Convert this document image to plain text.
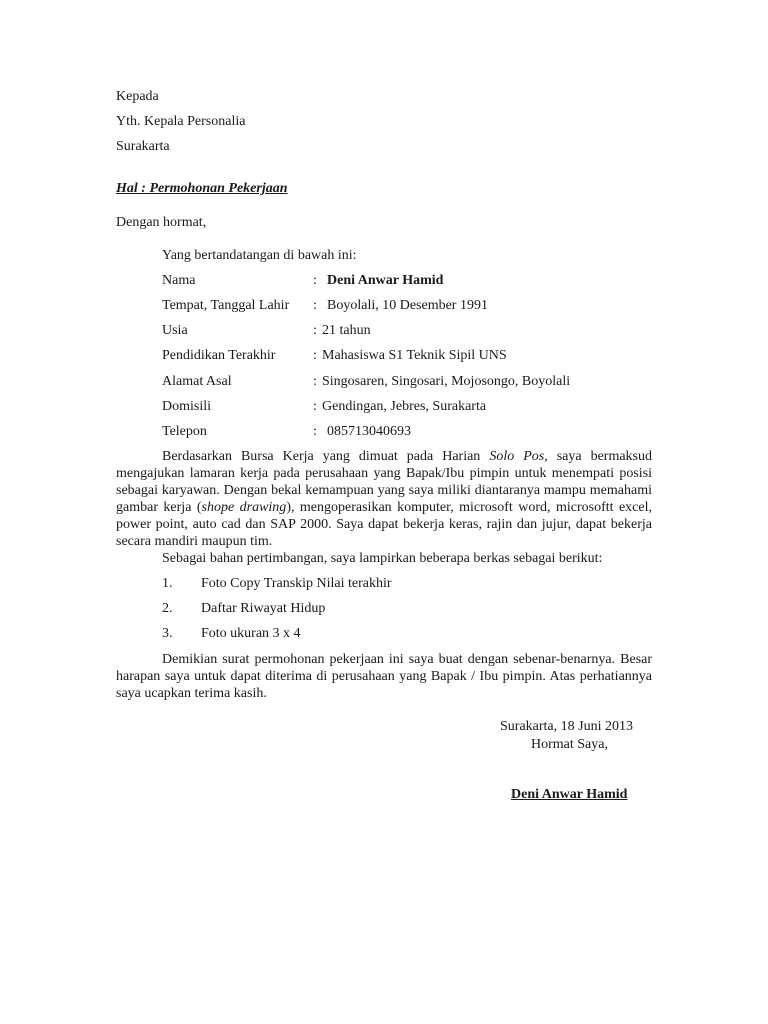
Kepada
Yth. Kepala Personalia
Surakarta
Hal : Permohonan Pekerjaan
Dengan hormat,
Yang bertandatangan di bawah ini:
Nama	: Deni Anwar Hamid
Tempat, Tanggal Lahir : Boyolali, 10 Desember 1991
Usia	: 21 tahun
Pendidikan Terakhir	: Mahasiswa S1 Teknik Sipil UNS
Alamat Asal	: Singosaren, Singosari, Mojosongo, Boyolali
Domisili	: Gendingan, Jebres, Surakarta
Telepon	: 085713040693
Berdasarkan Bursa Kerja yang dimuat pada Harian Solo Pos, saya bermaksud mengajukan lamaran kerja pada perusahaan yang Bapak/Ibu pimpin untuk menempati posisi sebagai karyawan. Dengan bekal kemampuan yang saya miliki diantaranya mampu memahami gambar kerja (shope drawing), mengoperasikan komputer, microsoft word, microsoftt excel, power point, auto cad dan SAP 2000. Saya dapat bekerja keras, rajin dan jujur, dapat bekerja secara mandiri maupun tim.
Sebagai bahan pertimbangan, saya lampirkan beberapa berkas sebagai berikut:
1. Foto Copy Transkip Nilai terakhir
2. Daftar Riwayat Hidup
3. Foto ukuran 3 x 4
Demikian surat permohonan pekerjaan ini saya buat dengan sebenar-benarnya. Besar harapan saya untuk dapat diterima di perusahaan yang Bapak / Ibu pimpin. Atas perhatiannya saya ucapkan terima kasih.
Surakarta, 18 Juni 2013
Hormat Saya,
Deni Anwar Hamid
